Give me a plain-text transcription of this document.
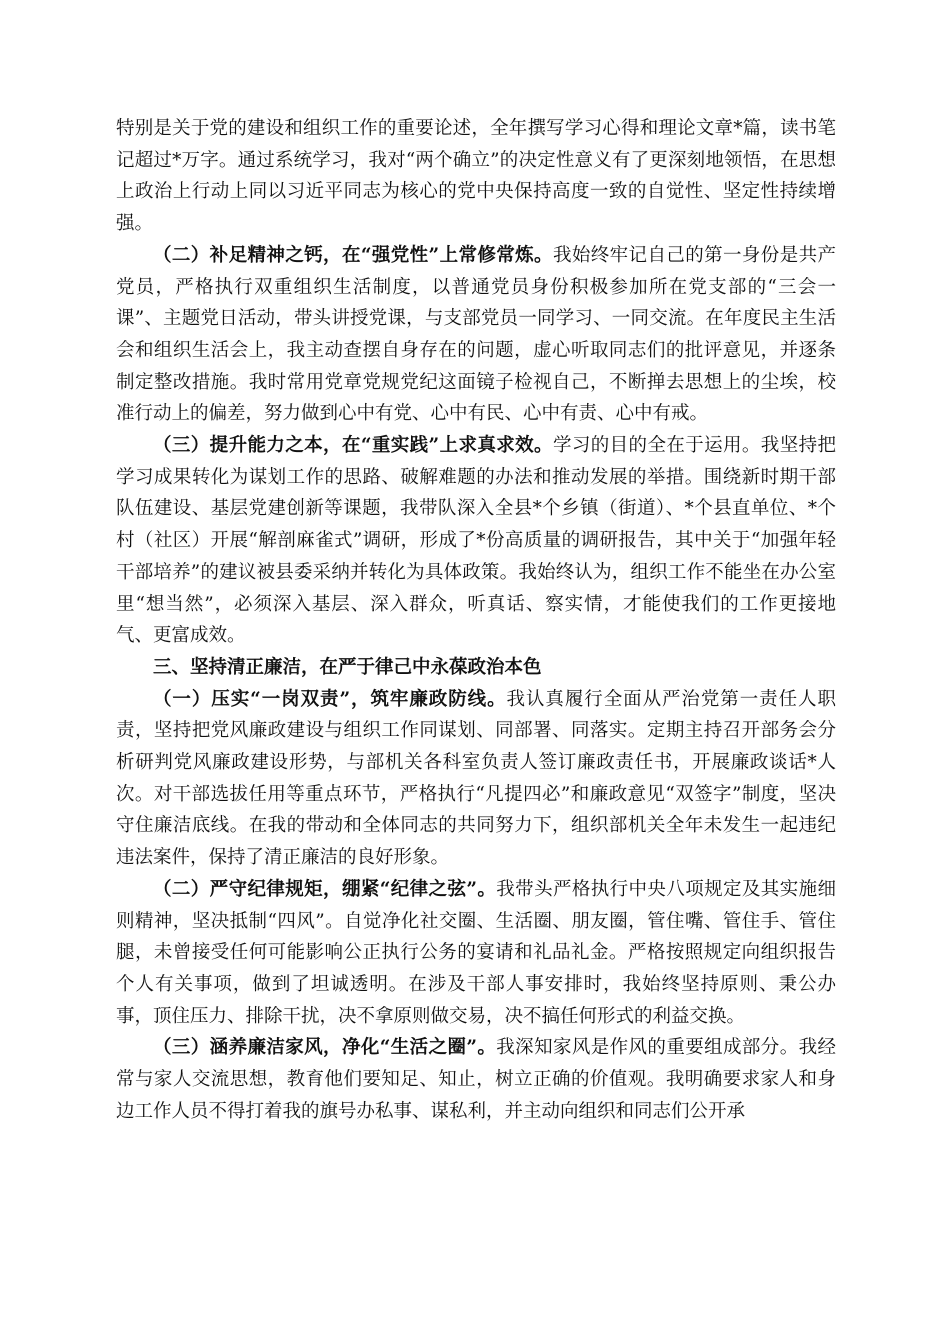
特别是关于党的建设和组织工作的重要论述，全年撰写学习心得和理论文章*篇，读书笔记超过*万字。通过系统学习，我对“两个确立”的决定性意义有了更深刻地领悟，在思想上政治上行动上同以习近平同志为核心的党中央保持高度一致的自觉性、坚定性持续增强。

（二）补足精神之钙，在“强党性”上常修常炼。我始终牢记自己的第一身份是共产党员，严格执行双重组织生活制度，以普通党员身份积极参加所在党支部的“三会一课”、主题党日活动，带头讲授党课，与支部党员一同学习、一同交流。在年度民主生活会和组织生活会上，我主动查摆自身存在的问题，虚心听取同志们的批评意见，并逐条制定整改措施。我时常用党章党规党纪这面镜子检视自己，不断掸去思想上的尘埃，校准行动上的偏差，努力做到心中有党、心中有民、心中有责、心中有戒。

（三）提升能力之本，在“重实践”上求真求效。学习的目的全在于运用。我坚持把学习成果转化为谋划工作的思路、破解难题的办法和推动发展的举措。围绕新时期干部队伍建设、基层党建创新等课题，我带队深入全县*个乡镇（街道）、*个县直单位、*个村（社区）开展“解剖麻雀式”调研，形成了*份高质量的调研报告，其中关于“加强年轻干部培养”的建议被县委采纳并转化为具体政策。我始终认为，组织工作不能坐在办公室里“想当然”，必须深入基层、深入群众，听真话、察实情，才能使我们的工作更接地气、更富成效。

三、坚持清正廉洁，在严于律己中永葆政治本色

（一）压实“一岗双责”，筑牢廉政防线。我认真履行全面从严治党第一责任人职责，坚持把党风廉政建设与组织工作同谋划、同部署、同落实。定期主持召开部务会分析研判党风廉政建设形势，与部机关各科室负责人签订廉政责任书，开展廉政谈话*人次。对干部选拔任用等重点环节，严格执行“凡提四必”和廉政意见“双签字”制度，坚决守住廉洁底线。在我的带动和全体同志的共同努力下，组织部机关全年未发生一起违纪违法案件，保持了清正廉洁的良好形象。

（二）严守纪律规矩，绷紧“纪律之弦”。我带头严格执行中央八项规定及其实施细则精神，坚决抵制“四风”。自觉净化社交圈、生活圈、朋友圈，管住嘴、管住手、管住腿，未曾接受任何可能影响公正执行公务的宴请和礼品礼金。严格按照规定向组织报告个人有关事项，做到了坦诚透明。在涉及干部人事安排时，我始终坚持原则、秉公办事，顶住压力、排除干扰，决不拿原则做交易，决不搞任何形式的利益交换。

（三）涵养廉洁家风，净化“生活之圈”。我深知家风是作风的重要组成部分。我经常与家人交流思想，教育他们要知足、知止，树立正确的价值观。我明确要求家人和身边工作人员不得打着我的旗号办私事、谋私利，并主动向组织和同志们公开承
